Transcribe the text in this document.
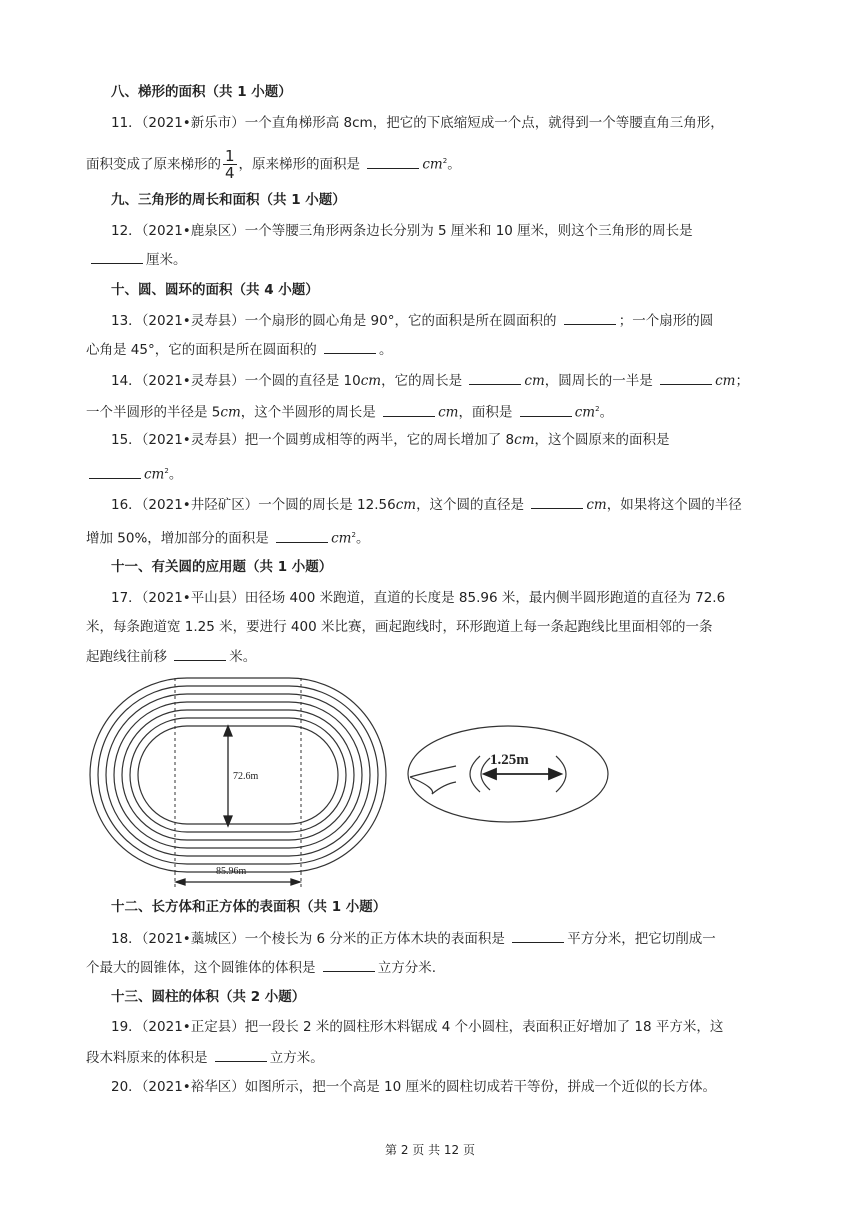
八、梯形的面积（共 1 小题）
11．（2021•新乐市）一个直角梯形高 8cm，把它的下底缩短成一个点，就得到一个等腰直角三角形，
面积变成了原来梯形的 $\frac{1}{4}$ ，原来梯形的面积是	$cm^2$。
九、三角形的周长和面积（共 1 小题）
12．（2021•鹿泉区）一个等腰三角形两条边长分别为 5 厘米和 10 厘米，则这个三角形的周长是
厘米。
十、圆、圆环的面积（共 4 小题）
13．（2021•灵寿县）一个扇形的圆心角是 90°，它的面积是所在圆面积的	；一个扇形的圆
心角是 45°，它的面积是所在圆面积的	。
14．（2021•灵寿县）一个圆的直径是 10cm，它的周长是	cm，圆周长的一半是	cm；
一个半圆形的半径是 5cm，这个半圆形的周长是	cm，面积是	$cm^2$。
15．（2021•灵寿县）把一个圆剪成相等的两半，它的周长增加了 8cm，这个圆原来的面积是
$cm^2$。
16．（2021•井陉矿区）一个圆的周长是 12.56cm，这个圆的直径是	cm，如果将这个圆的半径
增加 50%，增加部分的面积是	$cm^2$。
十一、有关圆的应用题（共 1 小题）
17．（2021•平山县）田径场 400 米跑道，直道的长度是 85.96 米，最内侧半圆形跑道的直径为 72.6
米，每条跑道宽 1.25 米，要进行 400 米比赛，画起跑线时，环形跑道上每一条起跑线比里面相邻的一条
起跑线往前移	米。
72.6m
85.96m
1.25m
十二、长方体和正方体的表面积（共 1 小题）
18．（2021•藁城区）一个棱长为 6 分米的正方体木块的表面积是	平方分米，把它切削成一
个最大的圆锥体，这个圆锥体的体积是	立方分米.
十三、圆柱的体积（共 2 小题）
19．（2021•正定县）把一段长 2 米的圆柱形木料锯成 4 个小圆柱，表面积正好增加了 18 平方米，这
段木料原来的体积是	立方米。
20．（2021•裕华区）如图所示，把一个高是 10 厘米的圆柱切成若干等份，拼成一个近似的长方体。
第 2 页 共 12 页
